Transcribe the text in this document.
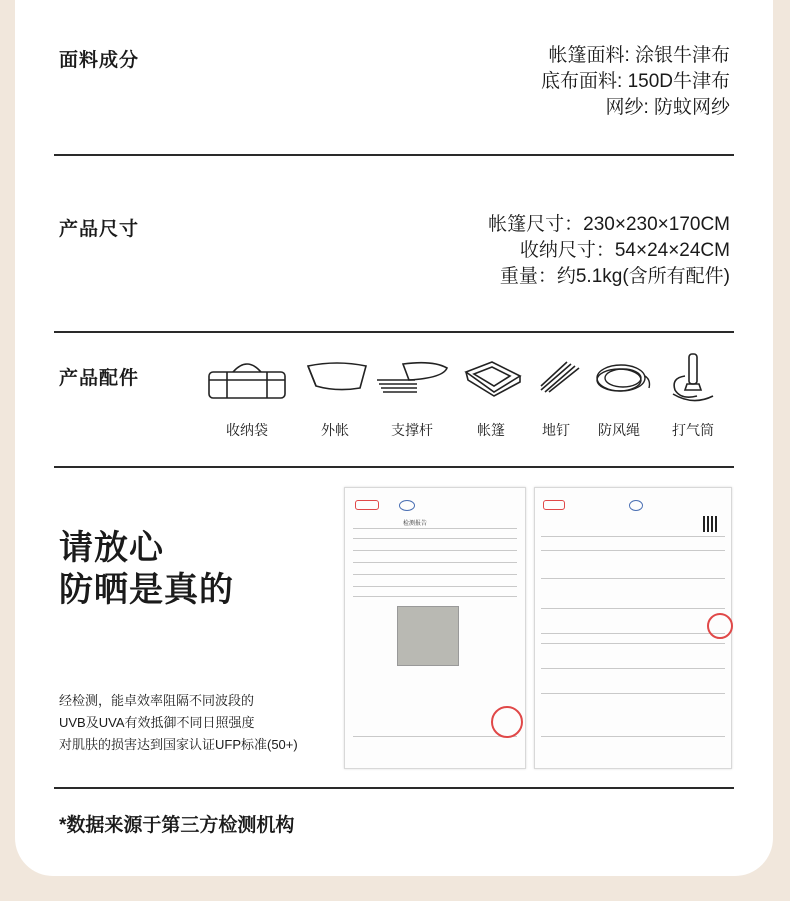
面料成分	帐篷面料: 涂银牛津布
底布面料: 150D牛津布
网纱: 防蚊网纱
产品尺寸	帐篷尺寸：230×230×170CM
收纳尺寸：54×24×24CM
重量：约5.1kg(含所有配件)
产品配件
收纳袋	外帐	支撑杆	帐篷	地钉	防风绳	打气筒
请放心
防晒是真的
经检测，能卓效率阻隔不同波段的
UVB及UVA有效抵御不同日照强度
对肌肤的损害达到国家认证UFP标准(50+)
检测报告
*数据来源于第三方检测机构
